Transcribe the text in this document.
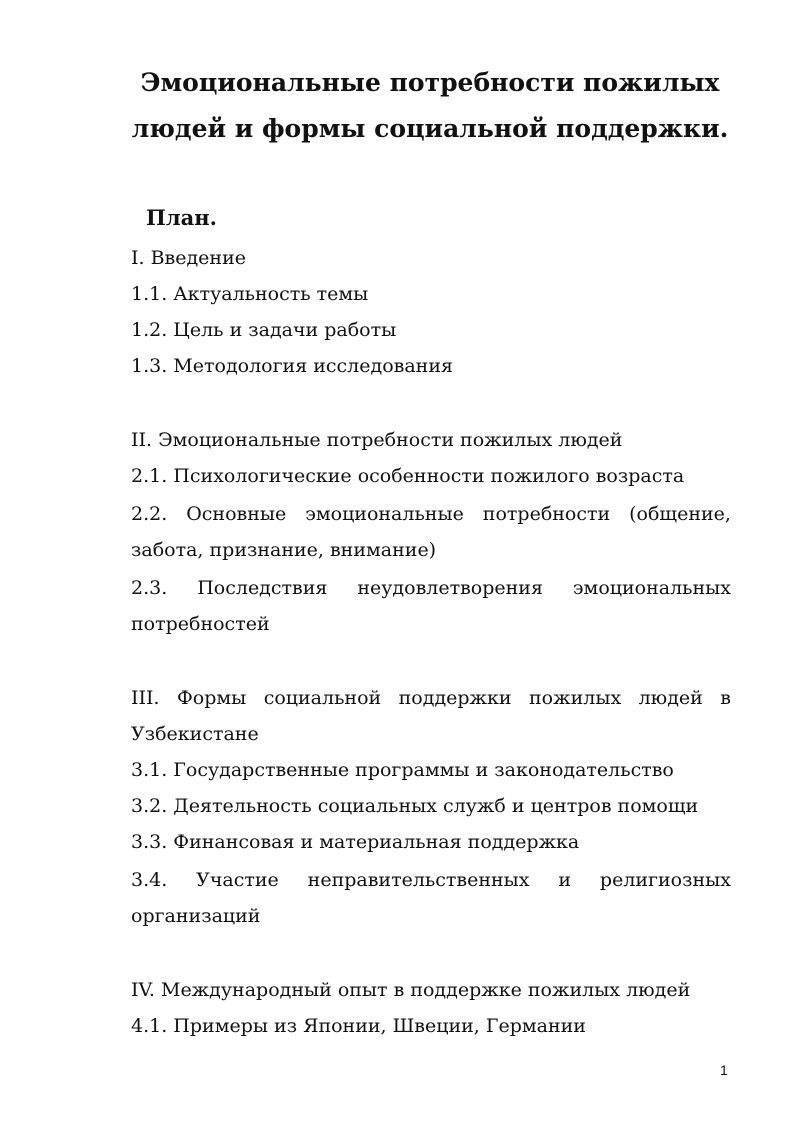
Эмоциональные потребности пожилых
людей и формы социальной поддержки.
План.
I. Введение
1.1. Актуальность темы
1.2. Цель и задачи работы
1.3. Методология исследования
II. Эмоциональные потребности пожилых людей
2.1. Психологические особенности пожилого возраста
2.2. Основные эмоциональные потребности (общение,
забота, признание, внимание)
2.3. Последствия неудовлетворения эмоциональных
потребностей
III. Формы социальной поддержки пожилых людей в
Узбекистане
3.1. Государственные программы и законодательство
3.2. Деятельность социальных служб и центров помощи
3.3. Финансовая и материальная поддержка
3.4. Участие неправительственных и религиозных
организаций
IV. Международный опыт в поддержке пожилых людей
4.1. Примеры из Японии, Швеции, Германии
1
